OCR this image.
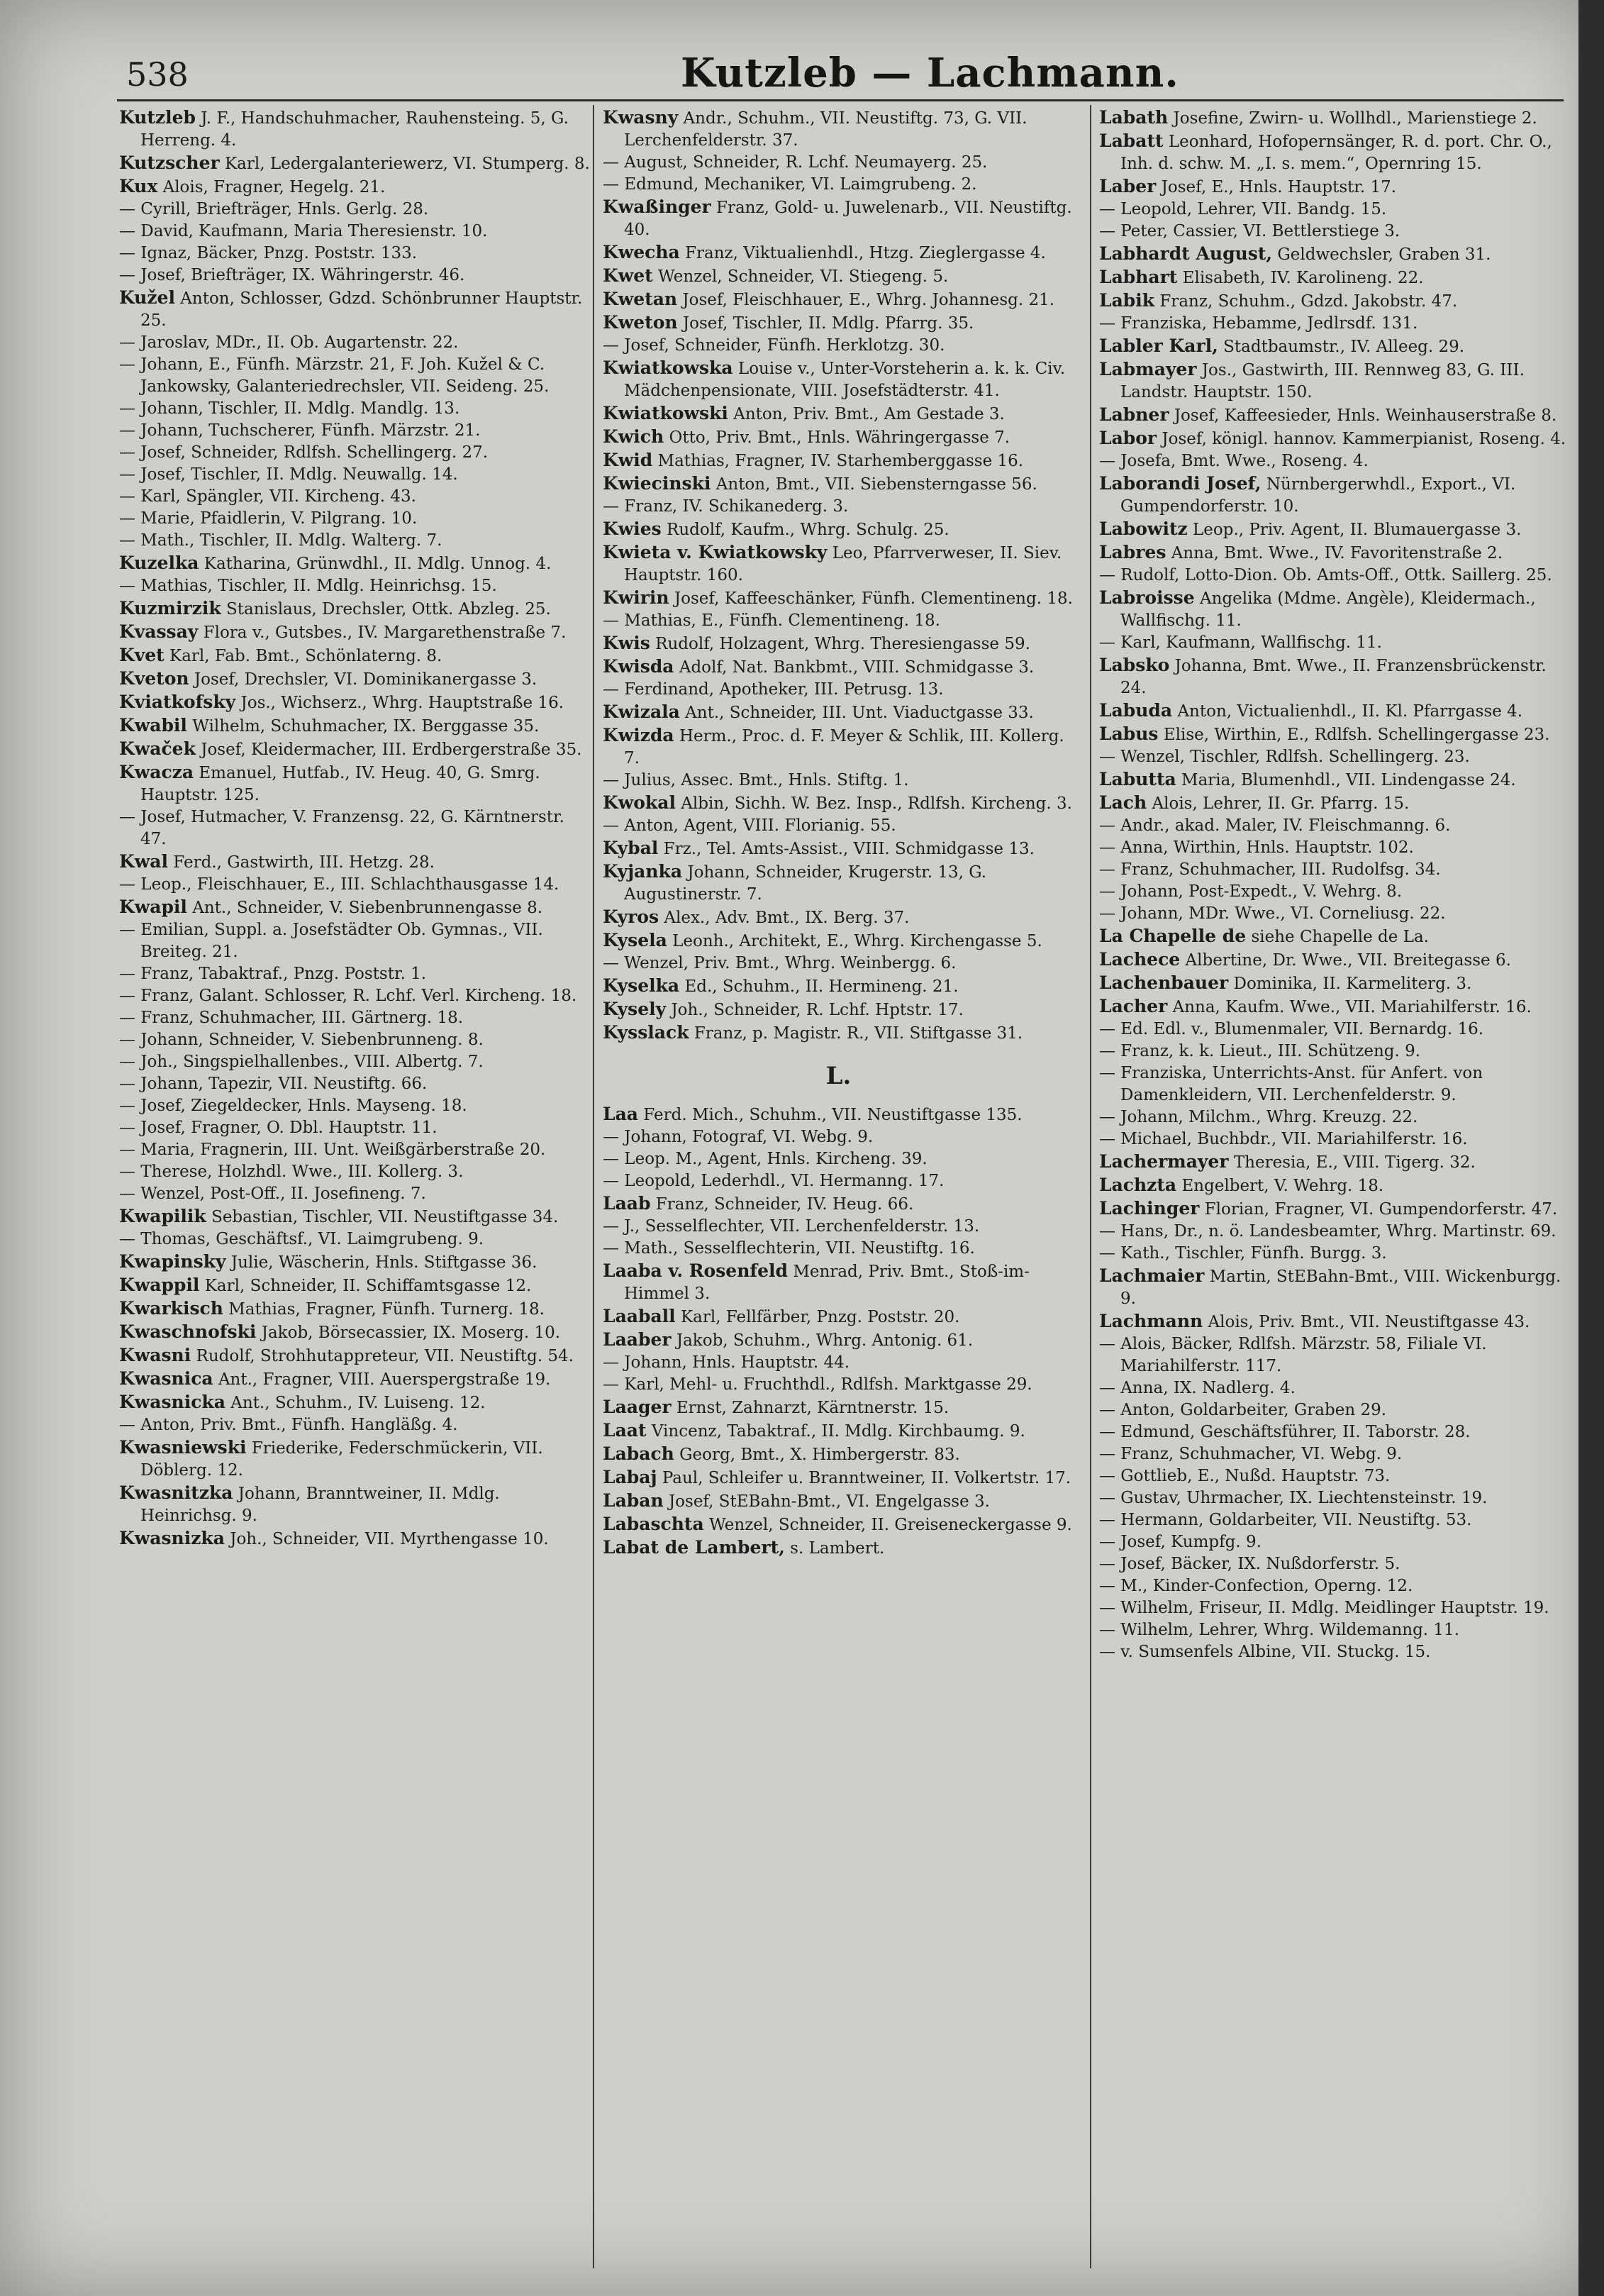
538	Kutzleb — Lachmann.

Kutzleb J. F., Handschuhmacher, Rauhensteing. 5, G. Herreng. 4.

Kutzscher Karl, Ledergalanteriewerz, VI. Stumperg. 8.

Kux Alois, Fragner, Hegelg. 21.

— Cyrill, Briefträger, Hnls. Gerlg. 28.

— David, Kaufmann, Maria Theresienstr. 10.

— Ignaz, Bäcker, Pnzg. Poststr. 133.

— Josef, Briefträger, IX. Währingerstr. 46.

Kužel Anton, Schlosser, Gdzd. Schönbrunner Hauptstr. 25.

— Jaroslav, MDr., II. Ob. Augartenstr. 22.

— Johann, E., Fünfh. Märzstr. 21, F. Joh. Kužel & C. Jankowsky, Galanteriedrechsler, VII. Seideng. 25.

— Johann, Tischler, II. Mdlg. Mandlg. 13.

— Johann, Tuchscherer, Fünfh. Märzstr. 21.

— Josef, Schneider, Rdlfsh. Schellingerg. 27.

— Josef, Tischler, II. Mdlg. Neuwallg. 14.

— Karl, Spängler, VII. Kircheng. 43.

— Marie, Pfaidlerin, V. Pilgrang. 10.

— Math., Tischler, II. Mdlg. Walterg. 7.

Kuzelka Katharina, Grünwdhl., II. Mdlg. Unnog. 4.

— Mathias, Tischler, II. Mdlg. Heinrichsg. 15.

Kuzmirzik Stanislaus, Drechsler, Ottk. Abzleg. 25.

Kvassay Flora v., Gutsbes., IV. Margarethenstraße 7.

Kvet Karl, Fab. Bmt., Schönlaterng. 8.

Kveton Josef, Drechsler, VI. Dominikanergasse 3.

Kviatkofsky Jos., Wichserz., Whrg. Hauptstraße 16.

Kwabil Wilhelm, Schuhmacher, IX. Berggasse 35.

Kwaček Josef, Kleidermacher, III. Erdbergerstraße 35.

Kwacza Emanuel, Hutfab., IV. Heug. 40, G. Smrg. Hauptstr. 125.

— Josef, Hutmacher, V. Franzensg. 22, G. Kärntnerstr. 47.

Kwal Ferd., Gastwirth, III. Hetzg. 28.

— Leop., Fleischhauer, E., III. Schlachthausgasse 14.

Kwapil Ant., Schneider, V. Siebenbrunnengasse 8.

— Emilian, Suppl. a. Josefstädter Ob. Gymnas., VII. Breiteg. 21.

— Franz, Tabaktraf., Pnzg. Poststr. 1.

— Franz, Galant. Schlosser, R. Lchf. Verl. Kircheng. 18.

— Franz, Schuhmacher, III. Gärtnerg. 18.

— Johann, Schneider, V. Siebenbrunneng. 8.

— Joh., Singspielhallenbes., VIII. Albertg. 7.

— Johann, Tapezir, VII. Neustiftg. 66.

— Josef, Ziegeldecker, Hnls. Mayseng. 18.

— Josef, Fragner, O. Dbl. Hauptstr. 11.

— Maria, Fragnerin, III. Unt. Weißgärberstraße 20.

— Therese, Holzhdl. Wwe., III. Kollerg. 3.

— Wenzel, Post-Off., II. Josefineng. 7.

Kwapilik Sebastian, Tischler, VII. Neustiftgasse 34.

— Thomas, Geschäftsf., VI. Laimgrubeng. 9.

Kwapinsky Julie, Wäscherin, Hnls. Stiftgasse 36.

Kwappil Karl, Schneider, II. Schiffamtsgasse 12.

Kwarkisch Mathias, Fragner, Fünfh. Turnerg. 18.

Kwaschnofski Jakob, Börsecassier, IX. Moserg. 10.

Kwasni Rudolf, Strohhutappreteur, VII. Neustiftg. 54.

Kwasnica Ant., Fragner, VIII. Auerspergstraße 19.

Kwasnicka Ant., Schuhm., IV. Luiseng. 12.

— Anton, Priv. Bmt., Fünfh. Hangläßg. 4.

Kwasniewski Friederike, Federschmückerin, VII. Döblerg. 12.

Kwasnitzka Johann, Branntweiner, II. Mdlg. Heinrichsg. 9.

Kwasnizka Joh., Schneider, VII. Myrthengasse 10.

Kwasny Andr., Schuhm., VII. Neustiftg. 73, G. VII. Lerchenfelderstr. 37.

— August, Schneider, R. Lchf. Neumayerg. 25.

— Edmund, Mechaniker, VI. Laimgrubeng. 2.

Kwaßinger Franz, Gold- u. Juwelenarb., VII. Neustiftg. 40.

Kwecha Franz, Viktualienhdl., Htzg. Zieglergasse 4.

Kwet Wenzel, Schneider, VI. Stiegeng. 5.

Kwetan Josef, Fleischhauer, E., Whrg. Johannesg. 21.

Kweton Josef, Tischler, II. Mdlg. Pfarrg. 35.

— Josef, Schneider, Fünfh. Herklotzg. 30.

Kwiatkowska Louise v., Unter-Vorsteherin a. k. k. Civ. Mädchenpensionate, VIII. Josefstädterstr. 41.

Kwiatkowski Anton, Priv. Bmt., Am Gestade 3.

Kwich Otto, Priv. Bmt., Hnls. Währingergasse 7.

Kwid Mathias, Fragner, IV. Starhemberggasse 16.

Kwiecinski Anton, Bmt., VII. Siebensterngasse 56.

— Franz, IV. Schikanederg. 3.

Kwies Rudolf, Kaufm., Whrg. Schulg. 25.

Kwieta v. Kwiatkowsky Leo, Pfarrverweser, II. Siev. Hauptstr. 160.

Kwirin Josef, Kaffeeschänker, Fünfh. Clementineng. 18.

— Mathias, E., Fünfh. Clementineng. 18.

Kwis Rudolf, Holzagent, Whrg. Theresiengasse 59.

Kwisda Adolf, Nat. Bankbmt., VIII. Schmidgasse 3.

— Ferdinand, Apotheker, III. Petrusg. 13.

Kwizala Ant., Schneider, III. Unt. Viaductgasse 33.

Kwizda Herm., Proc. d. F. Meyer & Schlik, III. Kollerg. 7.

— Julius, Assec. Bmt., Hnls. Stiftg. 1.

Kwokal Albin, Sichh. W. Bez. Insp., Rdlfsh. Kircheng. 3.

— Anton, Agent, VIII. Florianig. 55.

Kybal Frz., Tel. Amts-Assist., VIII. Schmidgasse 13.

Kyjanka Johann, Schneider, Krugerstr. 13, G. Augustinerstr. 7.

Kyros Alex., Adv. Bmt., IX. Berg. 37.

Kysela Leonh., Architekt, E., Whrg. Kirchengasse 5.

— Wenzel, Priv. Bmt., Whrg. Weinbergg. 6.

Kyselka Ed., Schuhm., II. Hermineng. 21.

Kysely Joh., Schneider, R. Lchf. Hptstr. 17.

Kysslack Franz, p. Magistr. R., VII. Stiftgasse 31.

L.

Laa Ferd. Mich., Schuhm., VII. Neustiftgasse 135.

— Johann, Fotograf, VI. Webg. 9.

— Leop. M., Agent, Hnls. Kircheng. 39.

— Leopold, Lederhdl., VI. Hermanng. 17.

Laab Franz, Schneider, IV. Heug. 66.

— J., Sesselflechter, VII. Lerchenfelderstr. 13.

— Math., Sesselflechterin, VII. Neustiftg. 16.

Laaba v. Rosenfeld Menrad, Priv. Bmt., Stoß-im-Himmel 3.

Laaball Karl, Fellfärber, Pnzg. Poststr. 20.

Laaber Jakob, Schuhm., Whrg. Antonig. 61.

— Johann, Hnls. Hauptstr. 44.

— Karl, Mehl- u. Fruchthdl., Rdlfsh. Marktgasse 29.

Laager Ernst, Zahnarzt, Kärntnerstr. 15.

Laat Vincenz, Tabaktraf., II. Mdlg. Kirchbaumg. 9.

Labach Georg, Bmt., X. Himbergerstr. 83.

Labaj Paul, Schleifer u. Branntweiner, II. Volkertstr. 17.

Laban Josef, StEBahn-Bmt., VI. Engelgasse 3.

Labaschta Wenzel, Schneider, II. Greiseneckergasse 9.

Labat de Lambert, s. Lambert.

Labath Josefine, Zwirn- u. Wollhdl., Marienstiege 2.

Labatt Leonhard, Hofopernsänger, R. d. port. Chr. O., Inh. d. schw. M. „I. s. mem.“, Opernring 15.

Laber Josef, E., Hnls. Hauptstr. 17.

— Leopold, Lehrer, VII. Bandg. 15.

— Peter, Cassier, VI. Bettlerstiege 3.

Labhardt August, Geldwechsler, Graben 31.

Labhart Elisabeth, IV. Karolineng. 22.

Labik Franz, Schuhm., Gdzd. Jakobstr. 47.

— Franziska, Hebamme, Jedlrsdf. 131.

Labler Karl, Stadtbaumstr., IV. Alleeg. 29.

Labmayer Jos., Gastwirth, III. Rennweg 83, G. III. Landstr. Hauptstr. 150.

Labner Josef, Kaffeesieder, Hnls. Weinhauserstraße 8.

Labor Josef, königl. hannov. Kammerpianist, Roseng. 4.

— Josefa, Bmt. Wwe., Roseng. 4.

Laborandi Josef, Nürnbergerwhdl., Export., VI. Gumpendorferstr. 10.

Labowitz Leop., Priv. Agent, II. Blumauergasse 3.

Labres Anna, Bmt. Wwe., IV. Favoritenstraße 2.

— Rudolf, Lotto-Dion. Ob. Amts-Off., Ottk. Saillerg. 25.

Labroisse Angelika (Mdme. Angèle), Kleidermach., Wallfischg. 11.

— Karl, Kaufmann, Wallfischg. 11.

Labsko Johanna, Bmt. Wwe., II. Franzensbrückenstr. 24.

Labuda Anton, Victualienhdl., II. Kl. Pfarrgasse 4.

Labus Elise, Wirthin, E., Rdlfsh. Schellingergasse 23.

— Wenzel, Tischler, Rdlfsh. Schellingerg. 23.

Labutta Maria, Blumenhdl., VII. Lindengasse 24.

Lach Alois, Lehrer, II. Gr. Pfarrg. 15.

— Andr., akad. Maler, IV. Fleischmanng. 6.

— Anna, Wirthin, Hnls. Hauptstr. 102.

— Franz, Schuhmacher, III. Rudolfsg. 34.

— Johann, Post-Expedt., V. Wehrg. 8.

— Johann, MDr. Wwe., VI. Corneliusg. 22.

La Chapelle de siehe Chapelle de La.

Lachece Albertine, Dr. Wwe., VII. Breitegasse 6.

Lachenbauer Dominika, II. Karmeliterg. 3.

Lacher Anna, Kaufm. Wwe., VII. Mariahilferstr. 16.

— Ed. Edl. v., Blumenmaler, VII. Bernardg. 16.

— Franz, k. k. Lieut., III. Schützeng. 9.

— Franziska, Unterrichts-Anst. für Anfert. von Damenkleidern, VII. Lerchenfelderstr. 9.

— Johann, Milchm., Whrg. Kreuzg. 22.

— Michael, Buchbdr., VII. Mariahilferstr. 16.

Lachermayer Theresia, E., VIII. Tigerg. 32.

Lachzta Engelbert, V. Wehrg. 18.

Lachinger Florian, Fragner, VI. Gumpendorferstr. 47.

— Hans, Dr., n. ö. Landesbeamter, Whrg. Martinstr. 69.

— Kath., Tischler, Fünfh. Burgg. 3.

Lachmaier Martin, StEBahn-Bmt., VIII. Wickenburgg. 9.

Lachmann Alois, Priv. Bmt., VII. Neustiftgasse 43.

— Alois, Bäcker, Rdlfsh. Märzstr. 58, Filiale VI. Mariahilferstr. 117.

— Anna, IX. Nadlerg. 4.

— Anton, Goldarbeiter, Graben 29.

— Edmund, Geschäftsführer, II. Taborstr. 28.

— Franz, Schuhmacher, VI. Webg. 9.

— Gottlieb, E., Nußd. Hauptstr. 73.

— Gustav, Uhrmacher, IX. Liechtensteinstr. 19.

— Hermann, Goldarbeiter, VII. Neustiftg. 53.

— Josef, Kumpfg. 9.

— Josef, Bäcker, IX. Nußdorferstr. 5.

— M., Kinder-Confection, Operng. 12.

— Wilhelm, Friseur, II. Mdlg. Meidlinger Hauptstr. 19.

— Wilhelm, Lehrer, Whrg. Wildemanng. 11.

— v. Sumsenfels Albine, VII. Stuckg. 15.
